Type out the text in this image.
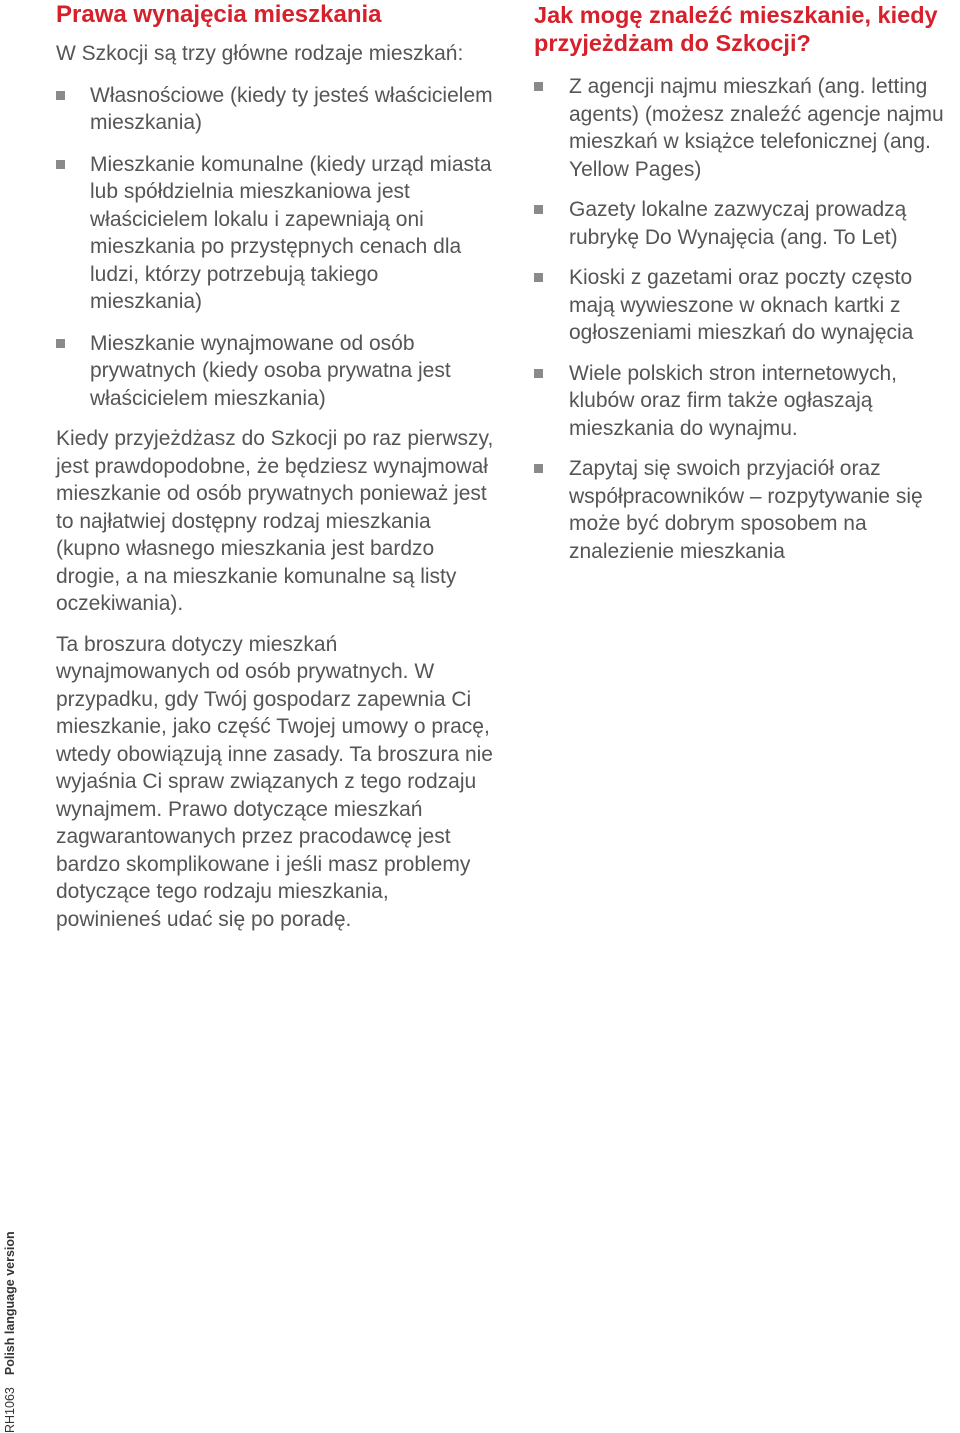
Prawa wynajęcia mieszkania

W Szkocji są trzy główne rodzaje mieszkań:

Własnościowe (kiedy ty jesteś właścicielem mieszkania)
Mieszkanie komunalne (kiedy urząd miasta lub spółdzielnia mieszkaniowa jest właścicielem lokalu i zapewniają oni mieszkania po przystępnych cenach dla ludzi, którzy potrzebują takiego mieszkania)
Mieszkanie wynajmowane od osób prywatnych (kiedy osoba prywatna jest właścicielem mieszkania)

Kiedy przyjeżdżasz do Szkocji po raz pierwszy, jest prawdopodobne, że będziesz wynajmował mieszkanie od osób prywatnych ponieważ jest to najłatwiej dostępny rodzaj mieszkania (kupno własnego mieszkania jest bardzo drogie, a na mieszkanie komunalne są listy oczekiwania).

Ta broszura dotyczy mieszkań wynajmowanych od osób prywatnych. W przypadku, gdy Twój gospodarz zapewnia Ci mieszkanie, jako część Twojej umowy o pracę, wtedy obowiązują inne zasady. Ta broszura nie wyjaśnia Ci spraw związanych z tego rodzaju wynajmem. Prawo dotyczące mieszkań zagwarantowanych przez pracodawcę jest bardzo skomplikowane i jeśli masz problemy dotyczące tego rodzaju mieszkania, powinieneś udać się po poradę.

Jak mogę znaleźć mieszkanie, kiedy przyjeżdżam do Szkocji?
Z agencji najmu mieszkań (ang. letting agents) (możesz znaleźć agencje najmu mieszkań w książce telefonicznej (ang. Yellow Pages)
Gazety lokalne zazwyczaj prowadzą rubrykę Do Wynajęcia (ang. To Let)
Kioski z gazetami oraz poczty często mają wywieszone w oknach kartki z ogłoszeniami mieszkań do wynajęcia
Wiele polskich stron internetowych, klubów oraz firm także ogłaszają mieszkania do wynajmu.
Zapytaj się swoich przyjaciół oraz współpracowników – rozpytywanie się może być dobrym sposobem na znalezienie mieszkania
RH1063Polish language version
